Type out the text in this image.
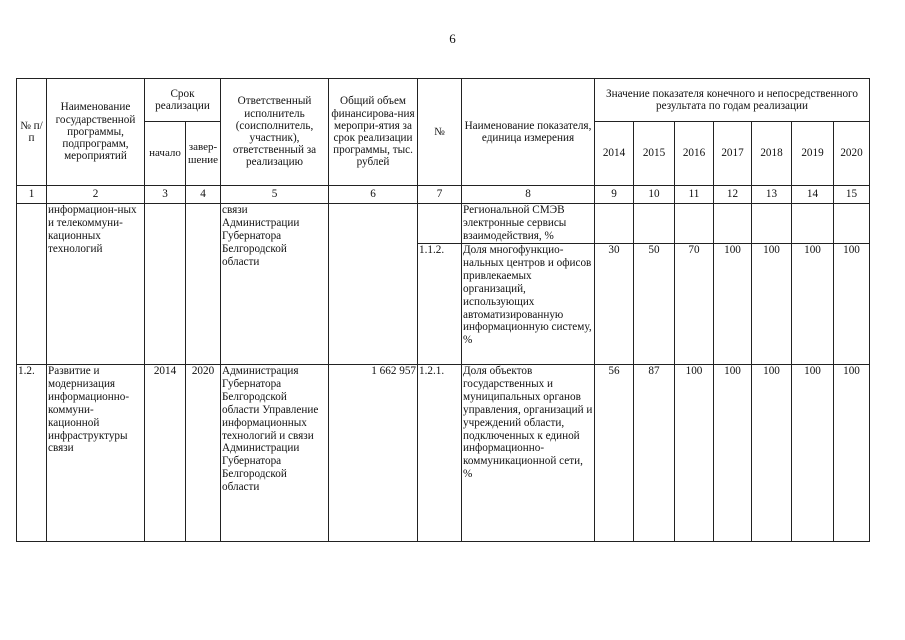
6
№ п/п	Наименование государственной программы, подпрограмм, мероприятий	Срок реализации		Ответственный исполнитель (соисполнитель, участник), ответственный за реализацию	Общий объем финансирова-ния меропри-ятия за срок реализации программы, тыс. рублей	№	Наименование показателя, единица измерения	Значение показателя конечного и непосредственного результата по годам реализации						
		начало	завер-шение					2014	2015	2016	2017	2018	2019	2020
1	2	3	4	5	6	7	8	9	10	11	12	13	14	15
	информацион-ных и телекоммуни-кационных технологий			связи Администрации Губернатора Белгородской области			Региональной СМЭВ электронные сервисы взаимодействия, %							
						1.1.2.	Доля многофункцио-нальных центров и офисов привлекаемых организаций, использующих автоматизированную информационную систему, %	30	50	70	100	100	100	100
1.2.	Развитие и модернизация информационно-коммуни-кационной инфраструктуры связи	2014	2020	Администрация Губернатора Белгородской области Управление информационных технологий и связи Администрации Губернатора Белгородской области	1 662 957	1.2.1.	Доля объектов государственных и муниципальных органов управления, организаций и учреждений области, подключенных к единой информационно-коммуникационной сети, %	56	87	100	100	100	100	100
